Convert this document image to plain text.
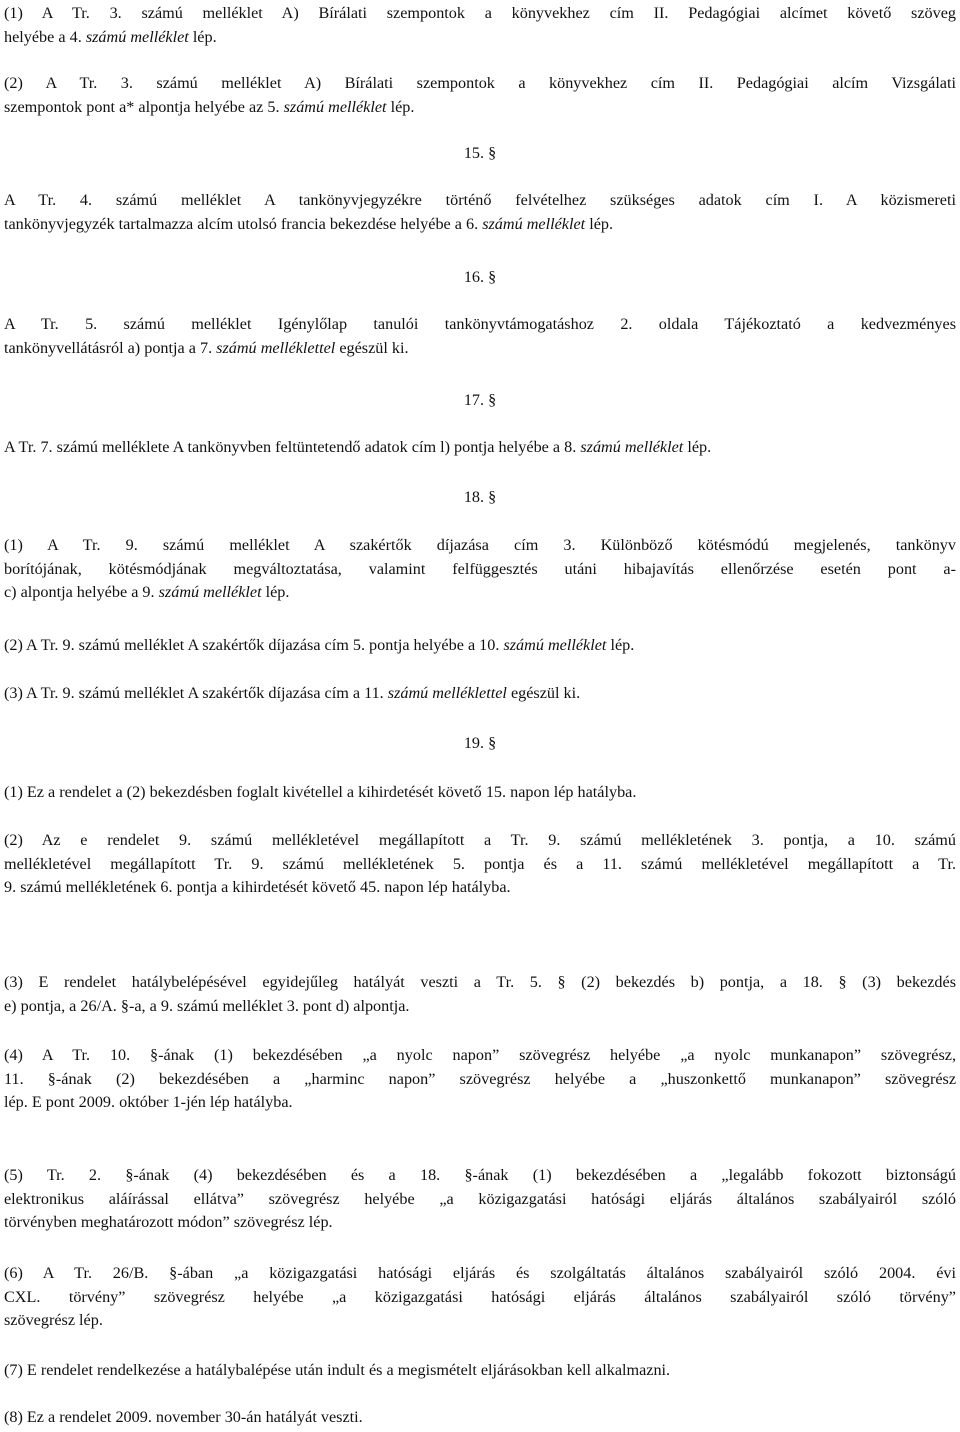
(1) A Tr. 3. számú melléklet A) Bírálati szempontok a könyvekhez cím II. Pedagógiai alcímet követő szöveg
helyébe a 4. számú melléklet lép.
(2) A Tr. 3. számú melléklet A) Bírálati szempontok a könyvekhez cím II. Pedagógiai alcím Vizsgálati
szempontok pont a* alpontja helyébe az 5. számú melléklet lép.
15. §
A Tr. 4. számú melléklet A tankönyvjegyzékre történő felvételhez szükséges adatok cím I. A közismereti
tankönyvjegyzék tartalmazza alcím utolsó francia bekezdése helyébe a 6. számú melléklet lép.
16. §
A Tr. 5. számú melléklet Igénylőlap tanulói tankönyvtámogatáshoz 2. oldala Tájékoztató a kedvezményes
tankönyvellátásról a) pontja a 7. számú melléklettel egészül ki.
17. §
A Tr. 7. számú melléklete A tankönyvben feltüntetendő adatok cím l) pontja helyébe a 8. számú melléklet lép.
18. §
(1) A Tr. 9. számú melléklet A szakértők díjazása cím 3. Különböző kötésmódú megjelenés, tankönyv
borítójának, kötésmódjának megváltoztatása, valamint felfüggesztés utáni hibajavítás ellenőrzése esetén pont a-
c) alpontja helyébe a 9. számú melléklet lép.
(2) A Tr. 9. számú melléklet A szakértők díjazása cím 5. pontja helyébe a 10. számú melléklet lép.
(3) A Tr. 9. számú melléklet A szakértők díjazása cím a 11. számú melléklettel egészül ki.
19. §
(1) Ez a rendelet a (2) bekezdésben foglalt kivétellel a kihirdetését követő 15. napon lép hatályba.
(2) Az e rendelet 9. számú mellékletével megállapított a Tr. 9. számú mellékletének 3. pontja, a 10. számú
mellékletével megállapított Tr. 9. számú mellékletének 5. pontja és a 11. számú mellékletével megállapított a Tr.
9. számú mellékletének 6. pontja a kihirdetését követő 45. napon lép hatályba.
(3) E rendelet hatálybelépésével egyidejűleg hatályát veszti a Tr. 5. § (2) bekezdés b) pontja, a 18. § (3) bekezdés
e) pontja, a 26/A. §-a, a 9. számú melléklet 3. pont d) alpontja.
(4) A Tr. 10. §-ának (1) bekezdésében „a nyolc napon” szövegrész helyébe „a nyolc munkanapon” szövegrész,
11. §-ának (2) bekezdésében a „harminc napon” szövegrész helyébe a „huszonkettő munkanapon” szövegrész
lép. E pont 2009. október 1-jén lép hatályba.
(5) Tr. 2. §-ának (4) bekezdésében és a 18. §-ának (1) bekezdésében a „legalább fokozott biztonságú
elektronikus aláírással ellátva” szövegrész helyébe „a közigazgatási hatósági eljárás általános szabályairól szóló
törvényben meghatározott módon” szövegrész lép.
(6) A Tr. 26/B. §-ában „a közigazgatási hatósági eljárás és szolgáltatás általános szabályairól szóló 2004. évi
CXL. törvény” szövegrész helyébe „a közigazgatási hatósági eljárás általános szabályairól szóló törvény”
szövegrész lép.
(7) E rendelet rendelkezése a hatálybalépése után indult és a megismételt eljárásokban kell alkalmazni.
(8) Ez a rendelet 2009. november 30-án hatályát veszti.
